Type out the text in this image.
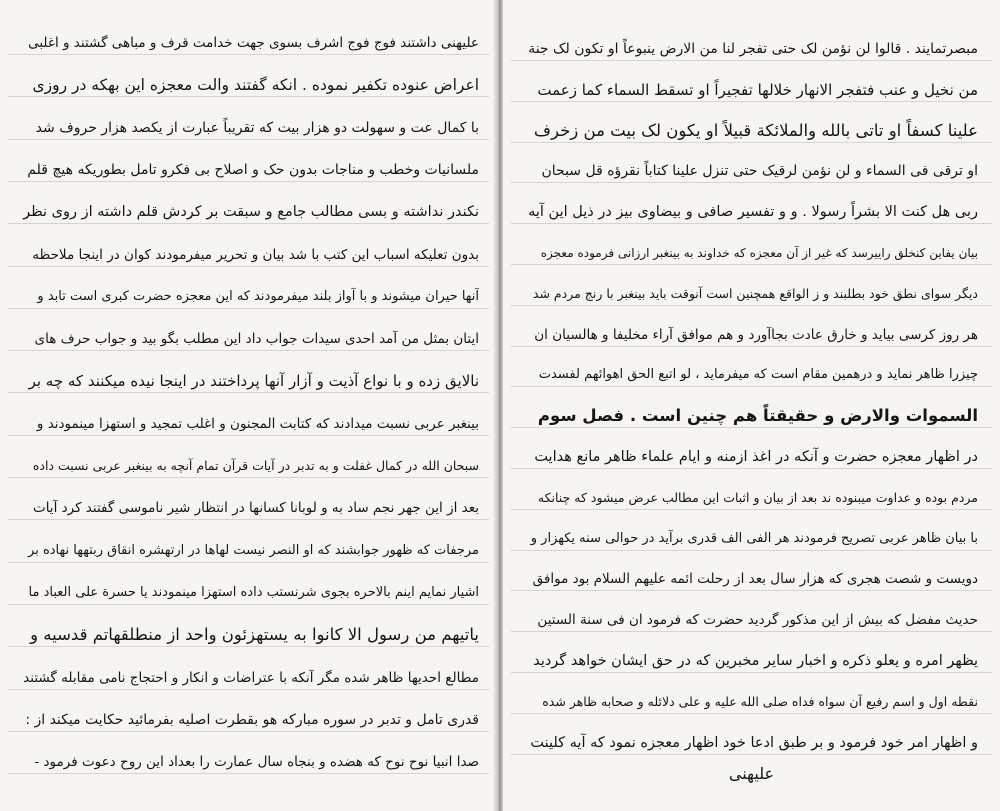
علیهنی داشتند فوج فوج اشرف بسوی جهت خدامت قرف و مباهی گشتند و اغلبی
اعراض عنوده تکفیر نموده . انکه گفتند والت معجزه این بهکه در روزی
با کمال عت و سهولت دو هزار بیت که تقریباً عبارت از یکصد هزار حروف شد
ملسانیات وخطب و مناجات بدون حک و اصلاح بی فکرو تامل بطوریکه هیچ قلم
نکندر نداشته و بسی مطالب جامع و سبقت بر کردش قلم داشته از روی نظر
بدون تعلیکه اسباب این کتب با شد بیان و تحریر میفرمودند کوان در اینجا ملاحظه
آنها حیران میشوند و با آواز بلند میفرمودند که این معجزه حضرت کبری است تابد و
ایتان بمثل من آمد احدی سیدات جواب داد این مطلب بگو بید و جواب حرف های
نالایق زده و با نواع آذیت و آزار آنها پرداختند در اینجا نیده میکنند که چه بر
بینغبر عربی نسبت میدادند که کتابت المجنون و اغلب تمجید و استهزا مینمودند و
سبحان الله در کمال غفلت و به تدبر در آیات قرآن تمام آنچه به بینغبر عربی نسبت داده
بعد از این جهر نجم ساد به و لوبانا کسانها در انتظار شیر ناموسی گفتند کرد آیات
مرجفات که ظهور جوابشند که او النصر نیست لهاها در ارتهشره انقاق ربتهها نهاده بر
اشیار نمایم اینم بالاحره بجوی شرنستب داده استهزا مینمودند یا حسرة علی العباد ما
یاتیهم من رسول الا کانوا به یستهزئون واحد از منطلقهاتم قدسیه و
مطالع احدیها ظاهر شده مگر آنکه با عتراضات و انکار و احتجاج نامی مقابله گشتند
قدری تامل و تدبر در سوره مبارکه هو بقطرت اصلیه بفرمائید حکایت میکند از :
صدا انبیا نوح نوح که هضده و بنجاه سال عمارت را بعداد این روح دعوت فرمود -
مبصرتمایند . قالوا لن نؤمن لک حتی تفجر لنا من الارض ینبوعاً او تکون لک جنة
من نخیل و عنب فتفجر الانهار خلالها تفجیراً او تسقط السماء کما زعمت
علینا کسفاً او تاتی بالله والملائکة قبیلاً او یکون لک بیت من زخرف
او ترقی فی السماء و لن نؤمن لرقیک حتی تنزل علینا کتاباً نقرؤه قل سبحان
ربی هل کنت الا بشراً رسولا . و و تفسیر صافی و بیضاوی بیز در ذیل این آیه
بیان یفاین کنخلق راییرسد که غیر از آن معجزه که خداوند به بینغبر ارزانی فرموده معجزه
دیگر سوای نطق خود بطلبند و ز الواقع همچنین است آنوقت باید بینغبر با رنج مردم شد
هر روز کرسی بیاید و خارق عادت بجاآورد و هم موافق آراء مخلیفا و هالسیان ان
چیزرا ظاهر نماید و درهمین مقام است که میفرماید ، لو اتبع الحق اهوائهم لفسدت
السموات والارض و حقیقتاً هم چنین است . فصل سوم
در اظهار معجزه حضرت و آنکه در اغذ ازمنه و ایام علماء ظاهر مانع هدایت
مردم بوده و عداوت میبنوده ند بعد از بیان و اثبات این مطالب عرض میشود که چنانکه
با بیان ظاهر عربی تصریح فرمودند هر الفی الف قدری برآید در حوالی سنه یکهزار و
دویست و شصت هجری که هزار سال بعد از رحلت ائمه علیهم السلام بود موافق
حدیث مفضل که بیش از این مذکور گردید حضرت که فرمود ان فی سنة الستین
یظهر امره و یعلو ذکره و اخبار سایر مخبرین که در حق ایشان خواهد گردید
نقطه اول و اسم رفیع آن سواه فداه صلی الله علیه و علی دلائله و صحابه ظاهر شده
و اظهار امر خود فرمود و بر طبق ادعا خود اظهار معجزه نمود که آیه کلینت
علیهنی
